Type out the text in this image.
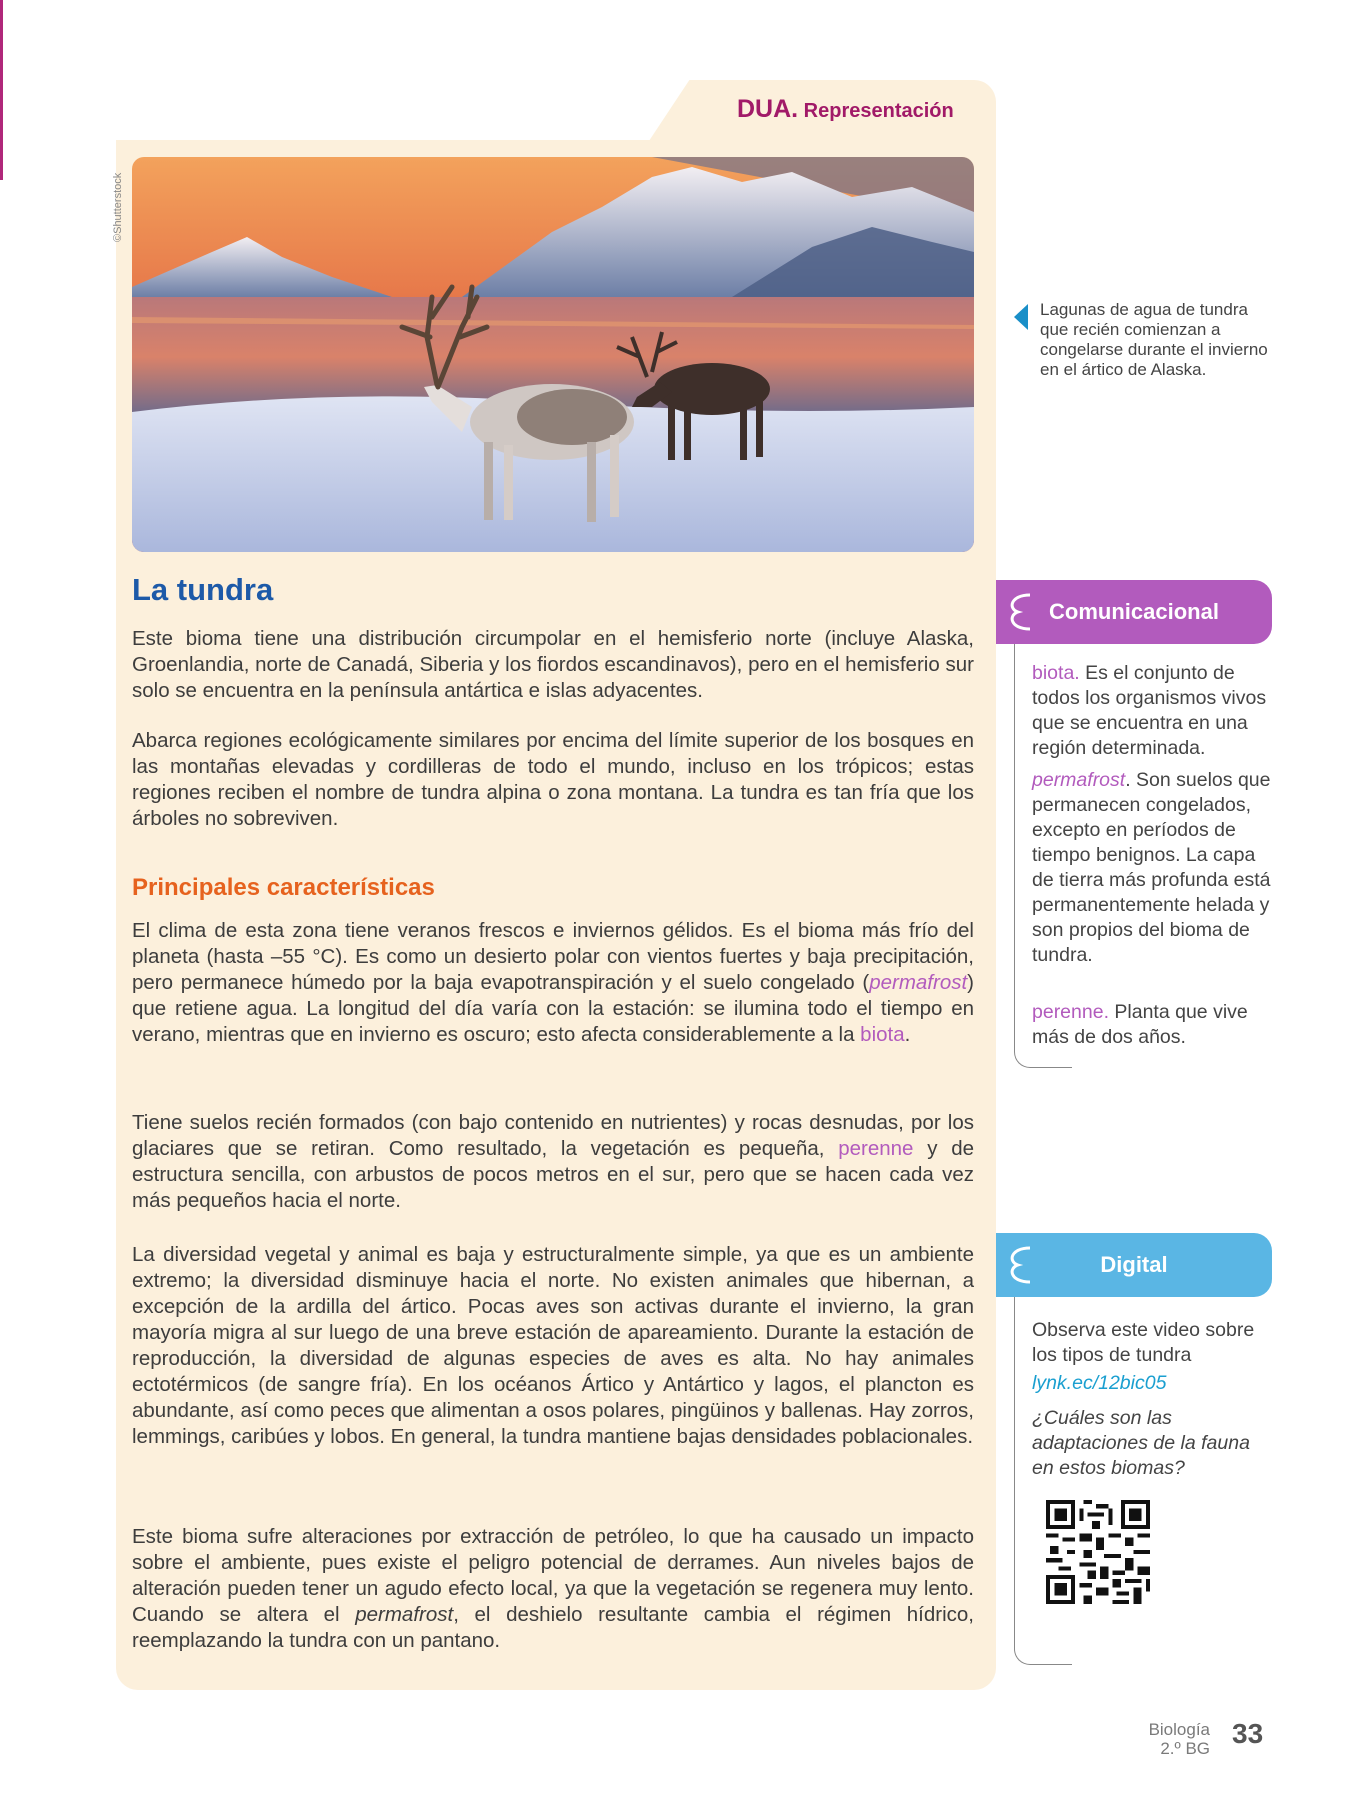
DUA. Representación
©Shutterstock
Lagunas de agua de tundra que recién comienzan a congelarse durante el invierno en el ártico de Alaska.
La tundra

Este bioma tiene una distribución circumpolar en el hemisferio norte (incluye Alaska, Groenlandia, norte de Canadá, Siberia y los fiordos escandinavos), pero en el hemisferio sur solo se encuentra en la península antártica e islas adyacentes.

Abarca regiones ecológicamente similares por encima del límite superior de los bosques en las montañas elevadas y cordilleras de todo el mundo, incluso en los trópicos; estas regiones reciben el nombre de tundra alpina o zona montana. La tundra es tan fría que los árboles no sobreviven.

Principales características

El clima de esta zona tiene veranos frescos e inviernos gélidos. Es el bioma más frío del planeta (hasta –55 °C). Es como un desierto polar con vientos fuertes y baja precipitación, pero permanece húmedo por la baja evapotranspiración y el suelo congelado (permafrost) que retiene agua. La longitud del día varía con la estación: se ilumina todo el tiempo en verano, mientras que en invierno es oscuro; esto afecta considerablemente a la biota.

Tiene suelos recién formados (con bajo contenido en nutrientes) y rocas desnudas, por los glaciares que se retiran. Como resultado, la vegetación es pequeña, perenne y de estructura sencilla, con arbustos de pocos metros en el sur, pero que se hacen cada vez más pequeños hacia el norte.

La diversidad vegetal y animal es baja y estructuralmente simple, ya que es un ambiente extremo; la diversidad disminuye hacia el norte. No existen animales que hibernan, a excepción de la ardilla del ártico. Pocas aves son activas durante el invierno, la gran mayoría migra al sur luego de una breve estación de apareamiento. Durante la estación de reproducción, la diversidad de algunas especies de aves es alta. No hay animales ectotérmicos (de sangre fría). En los océanos Ártico y Antártico y lagos, el plancton es abundante, así como peces que alimentan a osos polares, pingüinos y ballenas. Hay zorros, lemmings, caribúes y lobos. En general, la tundra mantiene bajas densidades poblacionales.

Este bioma sufre alteraciones por extracción de petróleo, lo que ha causado un impacto sobre el ambiente, pues existe el peligro potencial de derrames. Aun niveles bajos de alteración pueden tener un agudo efecto local, ya que la vegetación se regenera muy lento. Cuando se altera el permafrost, el deshielo resultante cambia el régimen hídrico, reemplazando la tundra con un pantano.

Comunicacional
biota. Es el conjunto de todos los organismos vivos que se encuentra en una región determinada.
permafrost. Son suelos que permanecen congelados, excepto en períodos de tiempo benignos. La capa de tierra más profunda está permanentemente helada y son propios del bioma de tundra.
perenne. Planta que vive más de dos años.
Digital
Observa este video sobre los tipos de tundra
lynk.ec/12bic05
¿Cuáles son las adaptaciones de la fauna en estos biomas?
Biología
2.º BG 33
